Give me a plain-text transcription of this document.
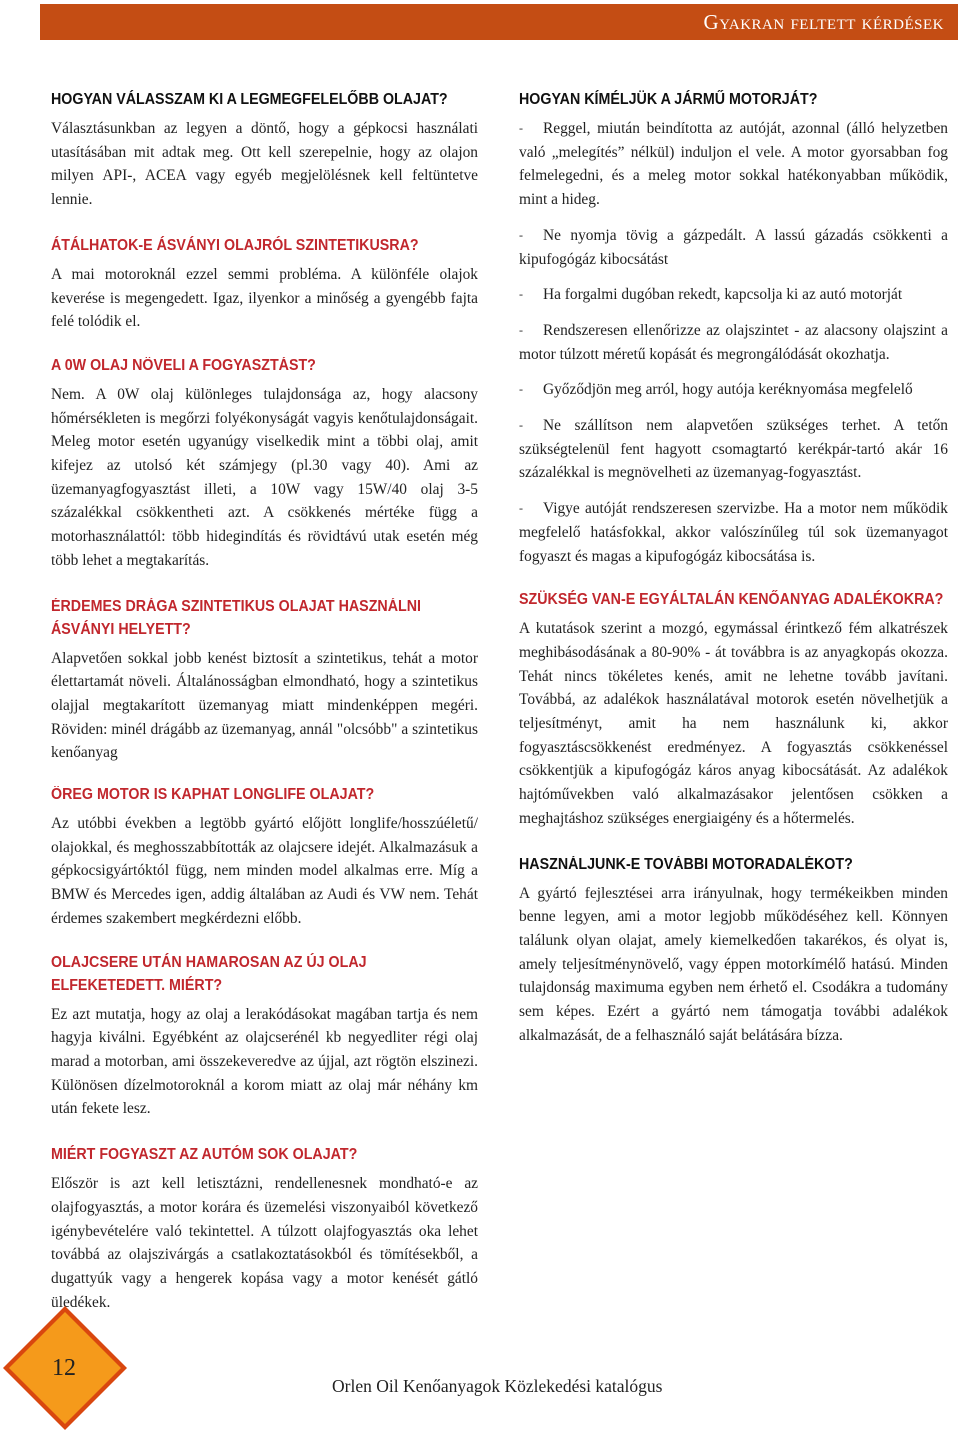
Gyakran feltett kérdések
HOGYAN VÁLASSZAM KI A LEGMEGFELELŐBB OLAJAT?

Választásunkban az legyen a döntő, hogy a gépkocsi használati utasításában mit adtak meg. Ott kell szerepelnie, hogy az olajon milyen API-, ACEA vagy egyéb megjelölésnek kell feltüntetve lennie.

ÁTÁLHATOK-E ÁSVÁNYI OLAJRÓL SZINTETIKUSRA?

A mai motoroknál ezzel semmi probléma. A különféle olajok keverése is megengedett. Igaz, ilyenkor a minőség a gyengébb fajta felé tolódik el.

A 0W OLAJ NÖVELI A FOGYASZTÁST?

Nem. A 0W olaj különleges tulajdonsága az, hogy alacsony hőmérsékleten is megőrzi folyékonyságát vagyis kenőtulajdonságait. Meleg motor esetén ugyanúgy viselkedik mint a többi olaj, amit kifejez az utolsó két számjegy (pl.30 vagy 40). Ami az üzemanyagfogyasztást illeti, a 10W vagy 15W/40 olaj 3-5 százalékkal csökkentheti azt. A csökkenés mértéke függ a motorhasználattól: több hidegindítás és rövidtávú utak esetén még több lehet a megtakarítás.

ÉRDEMES DRÁGA SZINTETIKUS OLAJAT HASZNÁLNI ÁSVÁNYI HELYETT?

Alapvetően sokkal jobb kenést biztosít a szintetikus, tehát a motor élettartamát növeli. Általánosságban elmondható, hogy a szintetikus olajjal megtakarított üzemanyag miatt mindenképpen megéri. Röviden: minél drágább az üzemanyag, annál "olcsóbb" a szintetikus kenőanyag

ÖREG MOTOR IS KAPHAT LONGLIFE OLAJAT?

Az utóbbi években a legtöbb gyártó előjött longlife/hosszúéletű/ olajokkal, és meghosszabbították az olajcsere idejét. Alkalmazásuk a gépkocsigyártóktól függ, nem minden model alkalmas erre. Míg a BMW és Mercedes igen, addig általában az Audi és VW nem. Tehát érdemes szakembert megkérdezni előbb.

OLAJCSERE UTÁN HAMAROSAN AZ ÚJ OLAJ ELFEKETEDETT. MIÉRT?

Ez azt mutatja, hogy az olaj a lerakódásokat magában tartja és nem hagyja kiválni. Egyébként az olajcserénél kb negyedliter régi olaj marad a motorban, ami összekeveredve az újjal, azt rögtön elszinezi. Különösen dízelmotoroknál a korom miatt az olaj már néhány km után fekete lesz.

MIÉRT FOGYASZT AZ AUTÓM SOK OLAJAT?

Először is azt kell letisztázni, rendellenesnek mondható-e az olajfogyasztás, a motor korára és üzemelési viszonyaiból következő igénybevételére való tekintettel. A túlzott olajfogyasztás oka lehet továbbá az olajszivárgás a csatlakoztatásokból és tömítésekből, a dugattyúk vagy a hengerek kopása vagy a motor kenését gátló üledékek.

HOGYAN KÍMÉLJÜK A JÁRMŰ MOTORJÁT?

- Reggel, miután beindította az autóját, azonnal (álló helyzetben való „melegítés” nélkül) induljon el vele. A motor gyorsabban fog felmelegedni, és a meleg motor sokkal hatékonyabban működik, mint a hideg.

- Ne nyomja tövig a gázpedált. A lassú gázadás csökkenti a kipufogógáz kibocsátást

- Ha forgalmi dugóban rekedt, kapcsolja ki az autó motorját

- Rendszeresen ellenőrizze az olajszintet - az alacsony olajszint a motor túlzott méretű kopását és megrongálódását okozhatja.

- Győződjön meg arról, hogy autója keréknyomása megfelelő

- Ne szállítson nem alapvetően szükséges terhet. A tetőn szükségtelenül fent hagyott csomagtartó kerékpár-tartó akár 16 százalékkal is megnövelheti az üzemanyag-fogyasztást.

- Vigye autóját rendszeresen szervizbe. Ha a motor nem működik megfelelő hatásfokkal, akkor valószínűleg túl sok üzemanyagot fogyaszt és magas a kipufogógáz kibocsátása is.

SZÜKSÉG VAN-E EGYÁLTALÁN KENŐANYAG ADALÉKOKRA?

A kutatások szerint a mozgó, egymással érintkező fém alkatrészek meghibásodásának a 80-90% - át továbbra is az anyagkopás okozza. Tehát nincs tökéletes kenés, amit ne lehetne tovább javítani. Továbbá, az adalékok használatával motorok esetén növelhetjük a teljesítményt, amit ha nem használunk ki, akkor fogyasztáscsökkenést eredményez. A fogyasztás csökkenéssel csökkentjük a kipufogógáz káros anyag kibocsátását. Az adalékok hajtóművekben való alkalmazásakor jelentősen csökken a meghajtáshoz szükséges energiaigény és a hőtermelés.

HASZNÁLJUNK-E TOVÁBBI MOTORADALÉKOT?

A gyártó fejlesztései arra irányulnak, hogy termékeikben minden benne legyen, ami a motor legjobb működéséhez kell. Könnyen találunk olyan olajat, amely kiemelkedően takarékos, és olyat is, amely teljesítménynövelő, vagy éppen motorkímélő hatású. Minden tulajdonság maximuma egyben nem érhető el. Csodákra a tudomány sem képes. Ezért a gyártó nem támogatja további adalékok alkalmazását, de a felhasználó saját belátására bízza.

12
Orlen Oil Kenőanyagok Közlekedési katalógus
